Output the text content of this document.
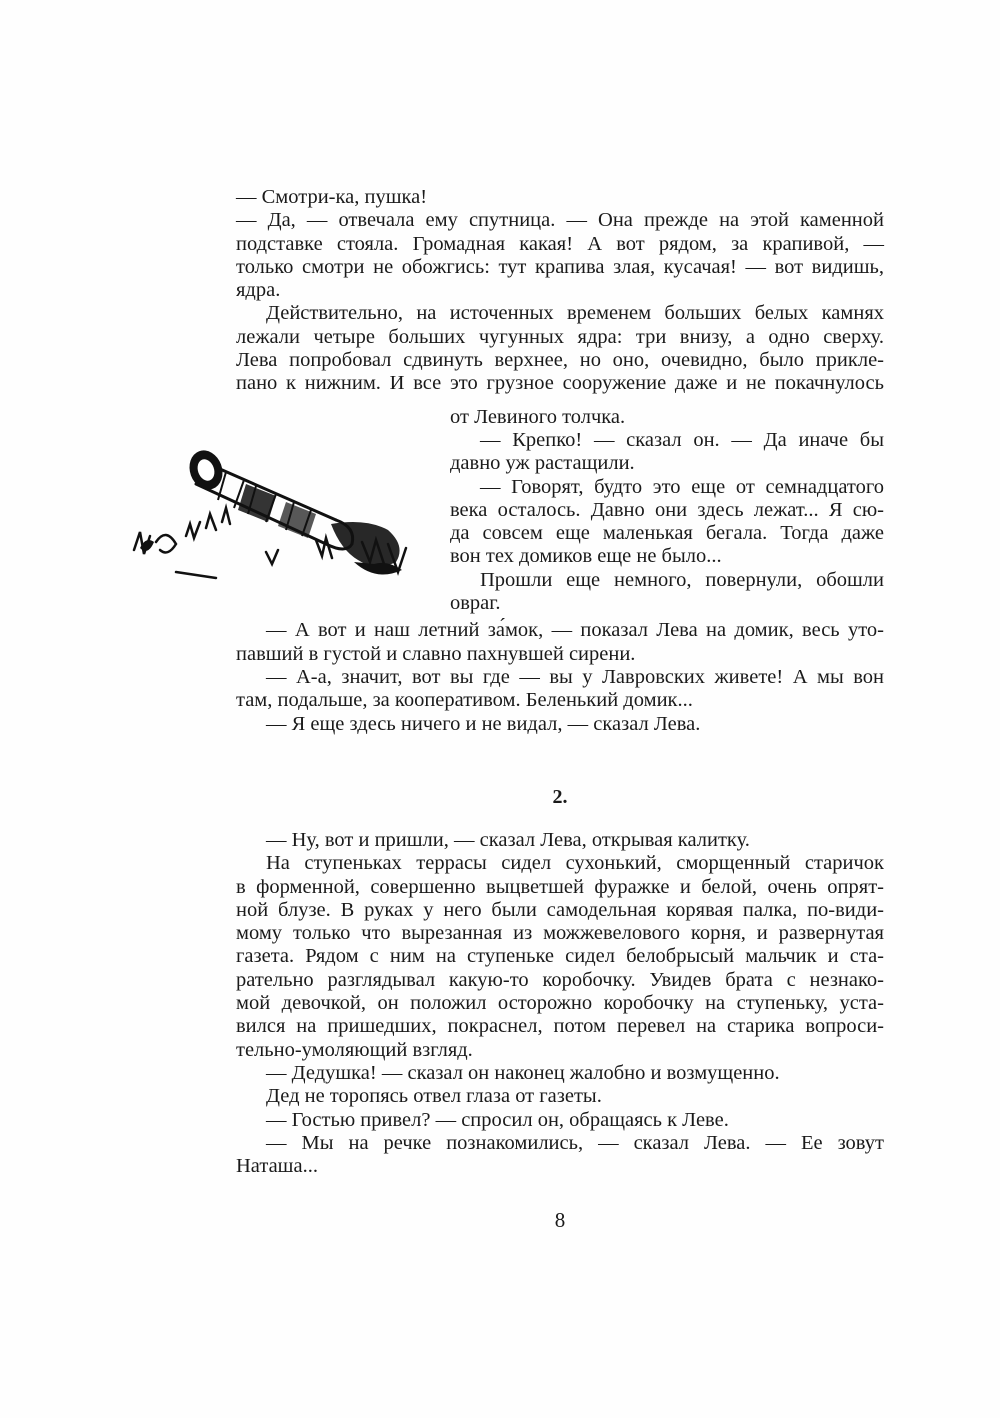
— Смотри-ка, пушка!
— Да, — отвечала ему спутница. — Она прежде на этой каменной
подставке стояла. Громадная какая! А вот рядом, за крапивой, —
только смотри не обожгись: тут крапива злая, кусачая! — вот видишь,
ядра.
Действительно, на источенных временем больших белых камнях
лежали четыре больших чугунных ядра: три внизу, а одно сверху.
Лева попробовал сдвинуть верхнее, но оно, очевидно, было прикле-
пано к нижним. И все это грузное сооружение даже и не покачнулось
от Левиного толчка.
— Крепко! — сказал он. — Да иначе бы
давно уж растащили.
— Говорят, будто это еще от семнадцатого
века осталось. Давно они здесь лежат... Я сю-
да совсем еще маленькая бегала. Тогда даже
вон тех домиков еще не было...
Прошли еще немного, повернули, обошли
овраг.
— А вот и наш летний за́мок, — показал Лева на домик, весь уто-
павший в густой и славно пахнувшей сирени.
— А-а, значит, вот вы где — вы у Лавровских живете! А мы вон
там, подальше, за кооперативом. Беленький домик...
— Я еще здесь ничего и не видал, — сказал Лева.
2.
— Ну, вот и пришли, — сказал Лева, открывая калитку.
На ступеньках террасы сидел сухонький, сморщенный старичок
в форменной, совершенно выцветшей фуражке и белой, очень опрят-
ной блузе. В руках у него были самодельная корявая палка, по-види-
мому только что вырезанная из можжевелового корня, и развернутая
газета. Рядом с ним на ступеньке сидел белобрысый мальчик и ста-
рательно разглядывал какую-то коробочку. Увидев брата с незнако-
мой девочкой, он положил осторожно коробочку на ступеньку, уста-
вился на пришедших, покраснел, потом перевел на старика вопроси-
тельно-умоляющий взгляд.
— Дедушка! — сказал он наконец жалобно и возмущенно.
Дед не торопясь отвел глаза от газеты.
— Гостью привел? — спросил он, обращаясь к Леве.
— Мы на речке познакомились, — сказал Лева. — Ее зовут
Наташа...
8
